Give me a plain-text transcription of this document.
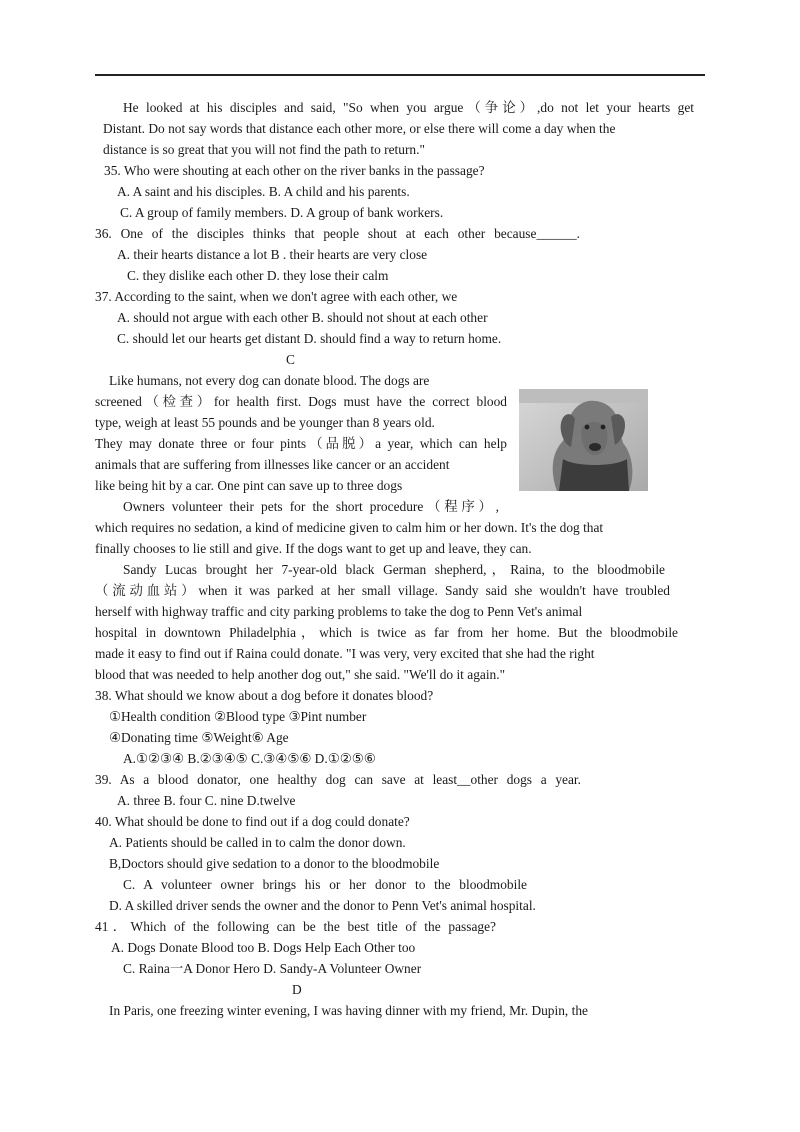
He looked at his disciples and said, "So when you argue（争论）,do not let your hearts get
Distant. Do not say words that distance each other more, or else there will come a day when the
distance is so great that you will not find the path to return."
35. Who were shouting at each other on the river banks in the passage?
A. A saint and his disciples. B. A child and his parents.
C. A group of family members. D. A group of bank workers.
36. One of the disciples thinks that people shout at each other because______.
A. their hearts distance a lot B . their hearts are very close
C. they dislike each other D. they lose their calm
37. According to the saint, when we don't agree with each other, we
A. should not argue with each other B. should not shout at each other
C. should let our hearts get distant D. should find a way to return home.
C
Like humans, not every dog can donate blood. The dogs are
screened（检查）for health first. Dogs must have the correct blood
type, weigh at least 55 pounds and be younger than 8 years old.
They may donate three or four pints（品脱）a year, which can help
animals that are suffering from illnesses like cancer or an accident
like being hit by a car. One pint can save up to three dogs
Owners volunteer their pets for the short procedure（程序）,
which requires no sedation, a kind of medicine given to calm him or her down. It's the dog that
finally chooses to lie still and give. If the dogs want to get up and leave, they can.
Sandy Lucas brought her 7-year-old black German shepherd,，Raina, to the bloodmobile
（流动血站）when it was parked at her small village. Sandy said she wouldn't have troubled
herself with highway traffic and city parking problems to take the dog to Penn Vet's animal
hospital in downtown Philadelphia，which is twice as far from her home. But the bloodmobile
made it easy to find out if Raina could donate. "I was very, very excited that she had the right
blood that was needed to help another dog out," she said. "We'll do it again."
38. What should we know about a dog before it donates blood?
①Health condition ②Blood type ③Pint number
④Donating time ⑤Weight⑥ Age
A.①②③④ B.②③④⑤ C.③④⑤⑥ D.①②⑤⑥
39. As a blood donator, one healthy dog can save at least__other dogs a year.
A. three B. four C. nine D.twelve
40. What should be done to find out if a dog could donate?
A. Patients should be called in to calm the donor down.
B,Doctors should give sedation to a donor to the bloodmobile
C. A volunteer owner brings his or her donor to the bloodmobile
D. A skilled driver sends the owner and the donor to Penn Vet's animal hospital.
41．Which of the following can be the best title of the passage?
A. Dogs Donate Blood too B. Dogs Help Each Other too
C. Raina一A Donor Hero D. Sandy-A Volunteer Owner
D
In Paris, one freezing winter evening, I was having dinner with my friend, Mr. Dupin, the
